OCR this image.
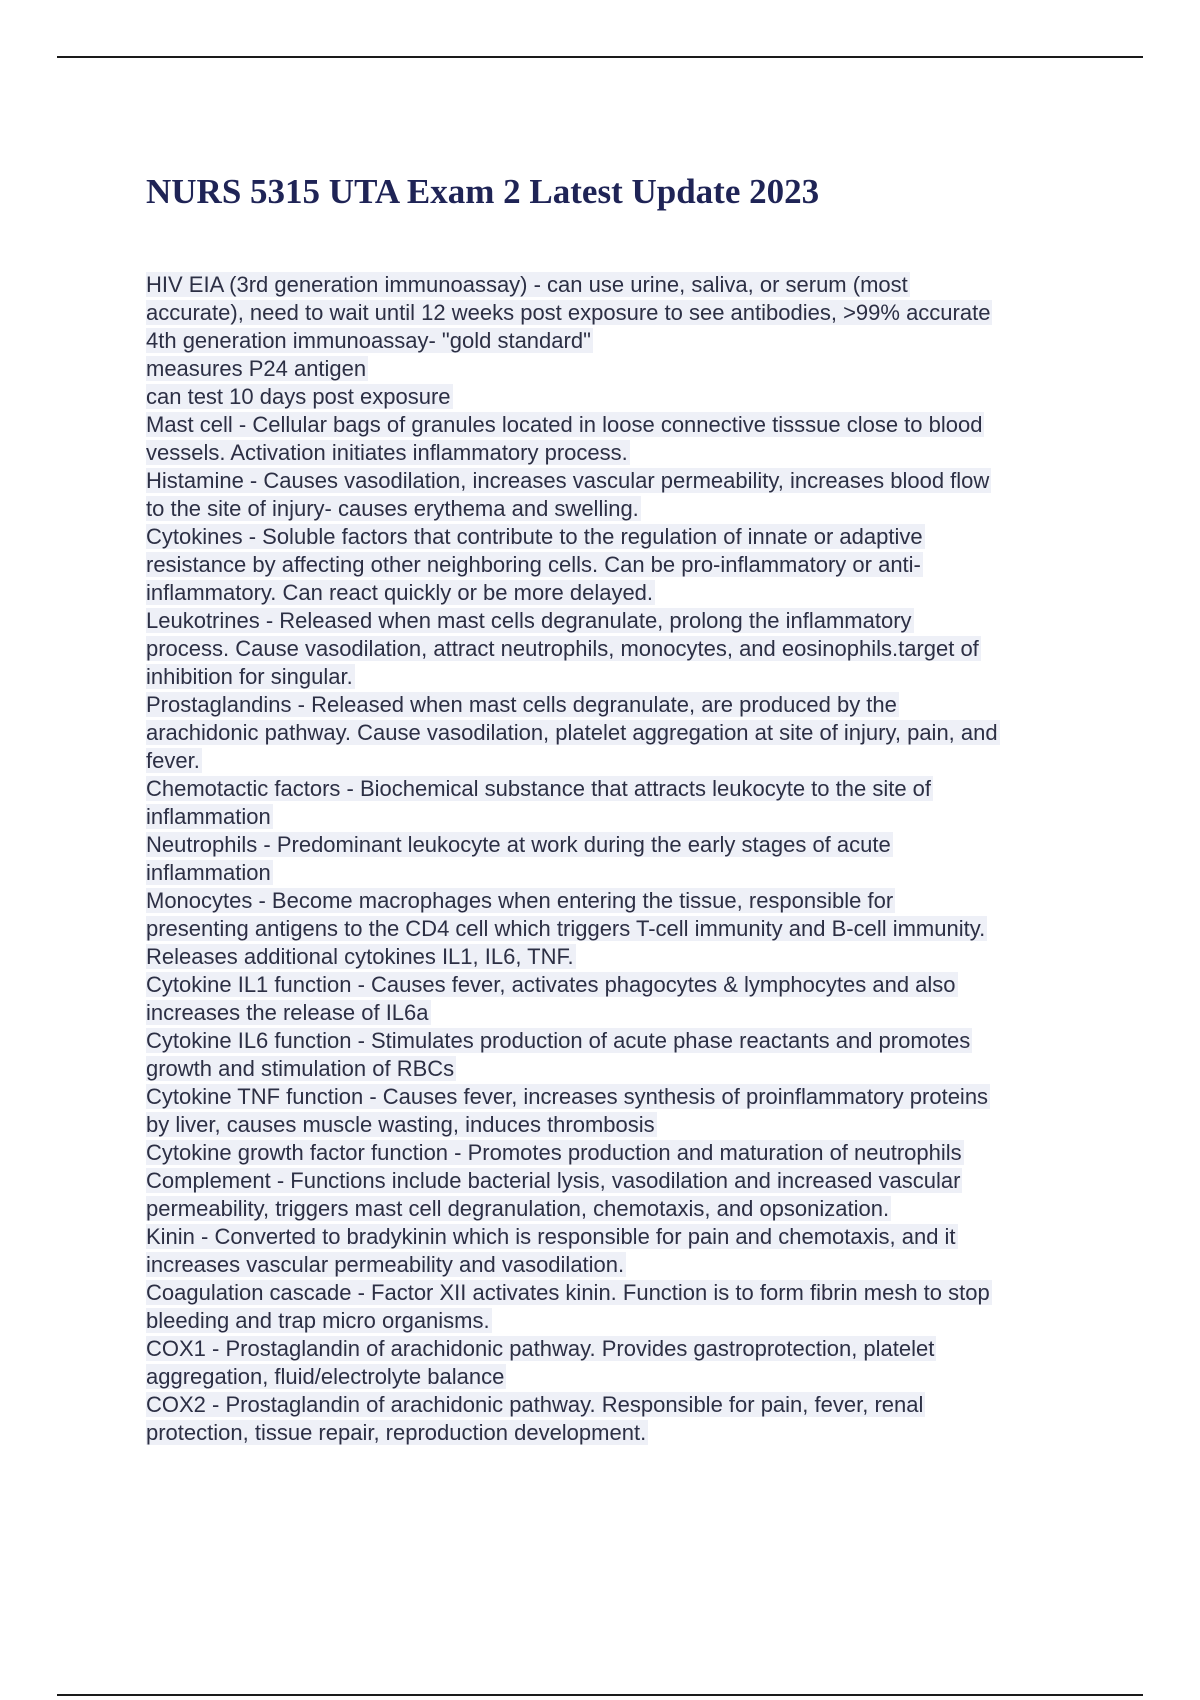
NURS 5315 UTA Exam 2 Latest Update 2023
HIV EIA (3rd generation immunoassay) - can use urine, saliva, or serum (most
accurate), need to wait until 12 weeks post exposure to see antibodies, >99% accurate
4th generation immunoassay- "gold standard"
measures P24 antigen
can test 10 days post exposure
Mast cell - Cellular bags of granules located in loose connective tisssue close to blood
vessels. Activation initiates inflammatory process.
Histamine - Causes vasodilation, increases vascular permeability, increases blood flow
to the site of injury- causes erythema and swelling.
Cytokines - Soluble factors that contribute to the regulation of innate or adaptive
resistance by affecting other neighboring cells. Can be pro-inflammatory or anti-
inflammatory. Can react quickly or be more delayed.
Leukotrines - Released when mast cells degranulate, prolong the inflammatory
process. Cause vasodilation, attract neutrophils, monocytes, and eosinophils.target of
inhibition for singular.
Prostaglandins - Released when mast cells degranulate, are produced by the
arachidonic pathway. Cause vasodilation, platelet aggregation at site of injury, pain, and
fever.
Chemotactic factors - Biochemical substance that attracts leukocyte to the site of
inflammation
Neutrophils - Predominant leukocyte at work during the early stages of acute
inflammation
Monocytes - Become macrophages when entering the tissue, responsible for
presenting antigens to the CD4 cell which triggers T-cell immunity and B-cell immunity.
Releases additional cytokines IL1, IL6, TNF.
Cytokine IL1 function - Causes fever, activates phagocytes & lymphocytes and also
increases the release of IL6a
Cytokine IL6 function - Stimulates production of acute phase reactants and promotes
growth and stimulation of RBCs
Cytokine TNF function - Causes fever, increases synthesis of proinflammatory proteins
by liver, causes muscle wasting, induces thrombosis
Cytokine growth factor function - Promotes production and maturation of neutrophils
Complement - Functions include bacterial lysis, vasodilation and increased vascular
permeability, triggers mast cell degranulation, chemotaxis, and opsonization.
Kinin - Converted to bradykinin which is responsible for pain and chemotaxis, and it
increases vascular permeability and vasodilation.
Coagulation cascade - Factor XII activates kinin. Function is to form fibrin mesh to stop
bleeding and trap micro organisms.
COX1 - Prostaglandin of arachidonic pathway. Provides gastroprotection, platelet
aggregation, fluid/electrolyte balance
COX2 - Prostaglandin of arachidonic pathway. Responsible for pain, fever, renal
protection, tissue repair, reproduction development.
